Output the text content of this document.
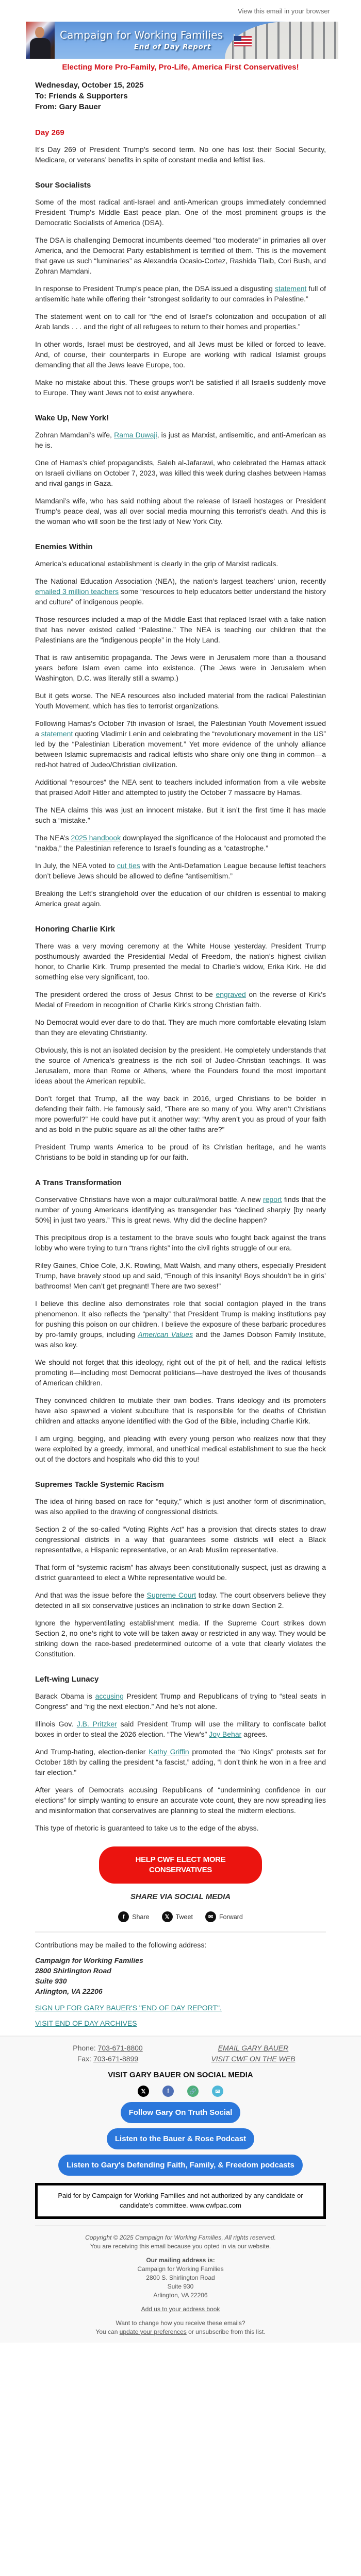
View this email in your browser
Campaign for Working Families
End of Day Report
Electing More Pro-Family, Pro-Life, America First Conservatives!
Wednesday, October 15, 2025
To: Friends & Supporters
From: Gary Bauer
Day 269

It’s Day 269 of President Trump’s second term. No one has lost their Social Security, Medicare, or veterans’ benefits in spite of constant media and leftist lies.

Sour Socialists

Some of the most radical anti-Israel and anti-American groups immediately condemned President Trump’s Middle East peace plan. One of the most prominent groups is the Democratic Socialists of America (DSA).

The DSA is challenging Democrat incumbents deemed “too moderate” in primaries all over America, and the Democrat Party establishment is terrified of them. This is the movement that gave us such “luminaries” as Alexandria Ocasio-Cortez, Rashida Tlaib, Cori Bush, and Zohran Mamdani.

In response to President Trump’s peace plan, the DSA issued a disgusting statement full of antisemitic hate while offering their “strongest solidarity to our comrades in Palestine.”

The statement went on to call for “the end of Israel’s colonization and occupation of all Arab lands . . . and the right of all refugees to return to their homes and properties.”

In other words, Israel must be destroyed, and all Jews must be killed or forced to leave. And, of course, their counterparts in Europe are working with radical Islamist groups demanding that all the Jews leave Europe, too.

Make no mistake about this. These groups won’t be satisfied if all Israelis suddenly move to Europe. They want Jews not to exist anywhere.

Wake Up, New York!

Zohran Mamdani’s wife, Rama Duwaji, is just as Marxist, antisemitic, and anti-American as he is.

One of Hamas’s chief propagandists, Saleh al-Jafarawi, who celebrated the Hamas attack on Israeli civilians on October 7, 2023, was killed this week during clashes between Hamas and rival gangs in Gaza.

Mamdani’s wife, who has said nothing about the release of Israeli hostages or President Trump’s peace deal, was all over social media mourning this terrorist’s death. And this is the woman who will soon be the first lady of New York City.

Enemies Within

America’s educational establishment is clearly in the grip of Marxist radicals.

The National Education Association (NEA), the nation’s largest teachers’ union, recently emailed 3 million teachers some “resources to help educators better understand the history and culture” of indigenous people.

Those resources included a map of the Middle East that replaced Israel with a fake nation that has never existed called “Palestine.” The NEA is teaching our children that the Palestinians are the “indigenous people” in the Holy Land.

That is raw antisemitic propaganda. The Jews were in Jerusalem more than a thousand years before Islam even came into existence. (The Jews were in Jerusalem when Washington, D.C. was literally still a swamp.)

But it gets worse. The NEA resources also included material from the radical Palestinian Youth Movement, which has ties to terrorist organizations.

Following Hamas’s October 7th invasion of Israel, the Palestinian Youth Movement issued a statement quoting Vladimir Lenin and celebrating the “revolutionary movement in the US” led by the “Palestinian Liberation movement.” Yet more evidence of the unholy alliance between Islamic supremacists and radical leftists who share only one thing in common—a red-hot hatred of Judeo/Christian civilization.

Additional “resources” the NEA sent to teachers included information from a vile website that praised Adolf Hitler and attempted to justify the October 7 massacre by Hamas.

The NEA claims this was just an innocent mistake. But it isn’t the first time it has made such a “mistake.”

The NEA’s 2025 handbook downplayed the significance of the Holocaust and promoted the “nakba,” the Palestinian reference to Israel’s founding as a “catastrophe.”

In July, the NEA voted to cut ties with the Anti-Defamation League because leftist teachers don’t believe Jews should be allowed to define “antisemitism.”

Breaking the Left’s stranglehold over the education of our children is essential to making America great again.

Honoring Charlie Kirk

There was a very moving ceremony at the White House yesterday. President Trump posthumously awarded the Presidential Medal of Freedom, the nation’s highest civilian honor, to Charlie Kirk. Trump presented the medal to Charlie’s widow, Erika Kirk. He did something else very significant, too.

The president ordered the cross of Jesus Christ to be engraved on the reverse of Kirk’s Medal of Freedom in recognition of Charlie Kirk’s strong Christian faith.

No Democrat would ever dare to do that. They are much more comfortable elevating Islam than they are elevating Christianity.

Obviously, this is not an isolated decision by the president. He completely understands that the source of America’s greatness is the rich soil of Judeo-Christian teachings. It was Jerusalem, more than Rome or Athens, where the Founders found the most important ideas about the American republic.

Don’t forget that Trump, all the way back in 2016, urged Christians to be bolder in defending their faith. He famously said, “There are so many of you. Why aren’t Christians more powerful?” He could have put it another way: “Why aren’t you as proud of your faith and as bold in the public square as all the other faiths are?”

President Trump wants America to be proud of its Christian heritage, and he wants Christians to be bold in standing up for our faith.

A Trans Transformation

Conservative Christians have won a major cultural/moral battle. A new report finds that the number of young Americans identifying as transgender has “declined sharply [by nearly 50%] in just two years.” This is great news. Why did the decline happen?

This precipitous drop is a testament to the brave souls who fought back against the trans lobby who were trying to turn “trans rights” into the civil rights struggle of our era.

Riley Gaines, Chloe Cole, J.K. Rowling, Matt Walsh, and many others, especially President Trump, have bravely stood up and said, “Enough of this insanity! Boys shouldn’t be in girls’ bathrooms! Men can’t get pregnant! There are two sexes!”

I believe this decline also demonstrates role that social contagion played in the trans phenomenon. It also reflects the “penalty” that President Trump is making institutions pay for pushing this poison on our children. I believe the exposure of these barbaric procedures by pro-family groups, including American Values and the James Dobson Family Institute, was also key.

We should not forget that this ideology, right out of the pit of hell, and the radical leftists promoting it—including most Democrat politicians—have destroyed the lives of thousands of American children.

They convinced children to mutilate their own bodies. Trans ideology and its promoters have also spawned a violent subculture that is responsible for the deaths of Christian children and attacks anyone identified with the God of the Bible, including Charlie Kirk.

I am urging, begging, and pleading with every young person who realizes now that they were exploited by a greedy, immoral, and unethical medical establishment to sue the heck out of the doctors and hospitals who did this to you!

Supremes Tackle Systemic Racism

The idea of hiring based on race for “equity,” which is just another form of discrimination, was also applied to the drawing of congressional districts.

Section 2 of the so-called “Voting Rights Act” has a provision that directs states to draw congressional districts in a way that guarantees some districts will elect a Black representative, a Hispanic representative, or an Arab Muslim representative.

That form of “systemic racism” has always been constitutionally suspect, just as drawing a district guaranteed to elect a White representative would be.

And that was the issue before the Supreme Court today. The court observers believe they detected in all six conservative justices an inclination to strike down Section 2.

Ignore the hyperventilating establishment media. If the Supreme Court strikes down Section 2, no one’s right to vote will be taken away or restricted in any way. They would be striking down the race-based predetermined outcome of a vote that clearly violates the Constitution.

Left-wing Lunacy

Barack Obama is accusing President Trump and Republicans of trying to “steal seats in Congress” and “rig the next election.” And he’s not alone.

Illinois Gov. J.B. Pritzker said President Trump will use the military to confiscate ballot boxes in order to steal the 2026 election. “The View’s” Joy Behar agrees.

And Trump-hating, election-denier Kathy Griffin promoted the “No Kings” protests set for October 18th by calling the president “a fascist,” adding, “I don’t think he won in a free and fair election.”

After years of Democrats accusing Republicans of “undermining confidence in our elections” for simply wanting to ensure an accurate vote count, they are now spreading lies and misinformation that conservatives are planning to steal the midterm elections.

This type of rhetoric is guaranteed to take us to the edge of the abyss.

HELP CWF ELECT MORE CONSERVATIVES
SHARE VIA SOCIAL MEDIA
f	Share	𝕏 Tweet	✉ Forward
Contributions may be mailed to the following address:
Campaign for Working Families
2800 Shirlington Road
Suite 930
Arlington, VA 22206
SIGN UP FOR GARY BAUER'S "END OF DAY REPORT".
VISIT END OF DAY ARCHIVES
Phone: 703-671-8800
Fax: 703-671-8899
EMAIL GARY BAUER
VISIT CWF ON THE WEB
VISIT GARY BAUER ON SOCIAL MEDIA
𝕏	f	🔗	✉
Follow Gary On Truth Social
Listen to the Bauer & Rose Podcast
Listen to Gary's Defending Faith, Family, & Freedom podcasts
Paid for by Campaign for Working Families and not authorized by any candidate or candidate's committee. www.cwfpac.com
Copyright © 2025 Campaign for Working Families, All rights reserved.
You are receiving this email because you opted in via our website.
Our mailing address is:
Campaign for Working Families
2800 S. Shirlington Road
Suite 930
Arlington, VA 22206
Add us to your address book
Want to change how you receive these emails?
You can update your preferences or unsubscribe from this list.
